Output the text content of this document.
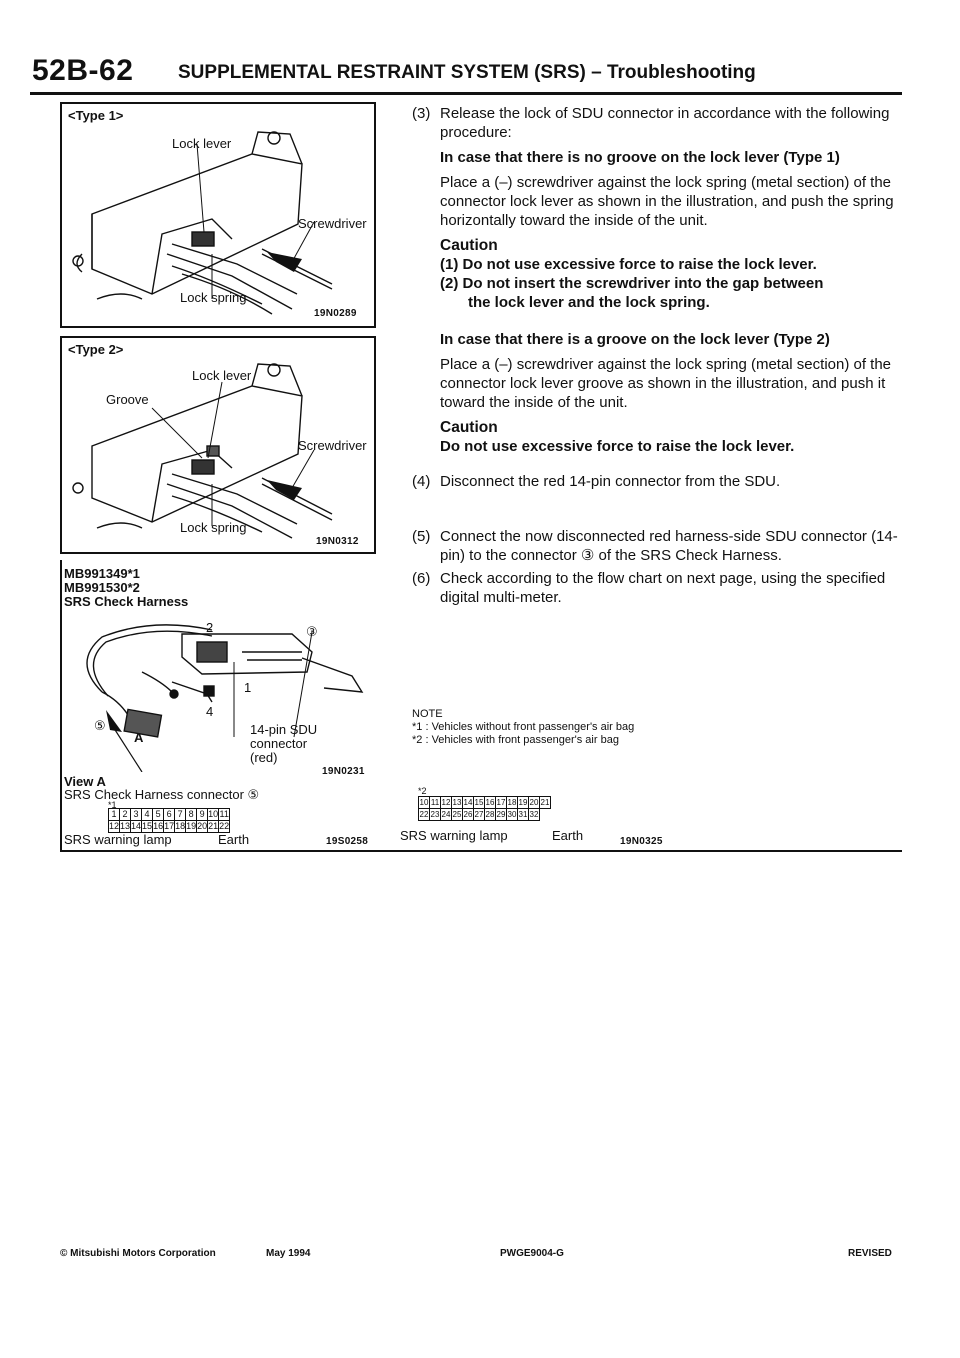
52B-62 SUPPLEMENTAL RESTRAINT SYSTEM (SRS) – Troubleshooting
<Type 1>
Lock lever
Screwdriver
Lock spring
19N0289
<Type 2>
Lock lever
Groove
Screwdriver
Lock spring
19N0312
MB991349*1
MB991530*2
SRS Check Harness
2	③
1
4
⑤
A
14-pin SDU
connector
(red)
19N0231
View A
SRS Check Harness connector ⑤
*1
1	2	3	4	5	6	7	8	9	10	11
12	13	14	15	16	17	18	19	20	21	22
SRS warning lamp	Earth	19S0258
*2
10	11	12	13	14	15	16	17	18	19	20	21
22	23	24	25	26	27	28	29	30	31	32	
SRS warning lamp	Earth	19N0325
(3) Release the lock of SDU connector in accordance with the following procedure:
In case that there is no groove on the lock lever (Type 1)
Place a (–) screwdriver against the lock spring (metal section) of the connector lock lever as shown in the illustration, and push the spring horizontally toward the inside of the unit.
Caution
(1) Do not use excessive force to raise the lock lever.
(2) Do not insert the screwdriver into the gap between
the lock lever and the lock spring.
In case that there is a groove on the lock lever (Type 2)
Place a (–) screwdriver against the lock spring (metal section) of the connector lock lever groove as shown in the illustration, and push it toward the inside of the unit.
Caution
Do not use excessive force to raise the lock lever.
(4) Disconnect the red 14-pin connector from the SDU.
(5) Connect the now disconnected red harness-side SDU connector (14-pin) to the connector ③ of the SRS Check Harness.
(6) Check according to the flow chart on next page, using the specified digital multi-meter.
NOTE
*1 : Vehicles without front passenger's air bag
*2 : Vehicles with front passenger's air bag
© Mitsubishi Motors Corporation	May 1994	PWGE9004-G	REVISED
